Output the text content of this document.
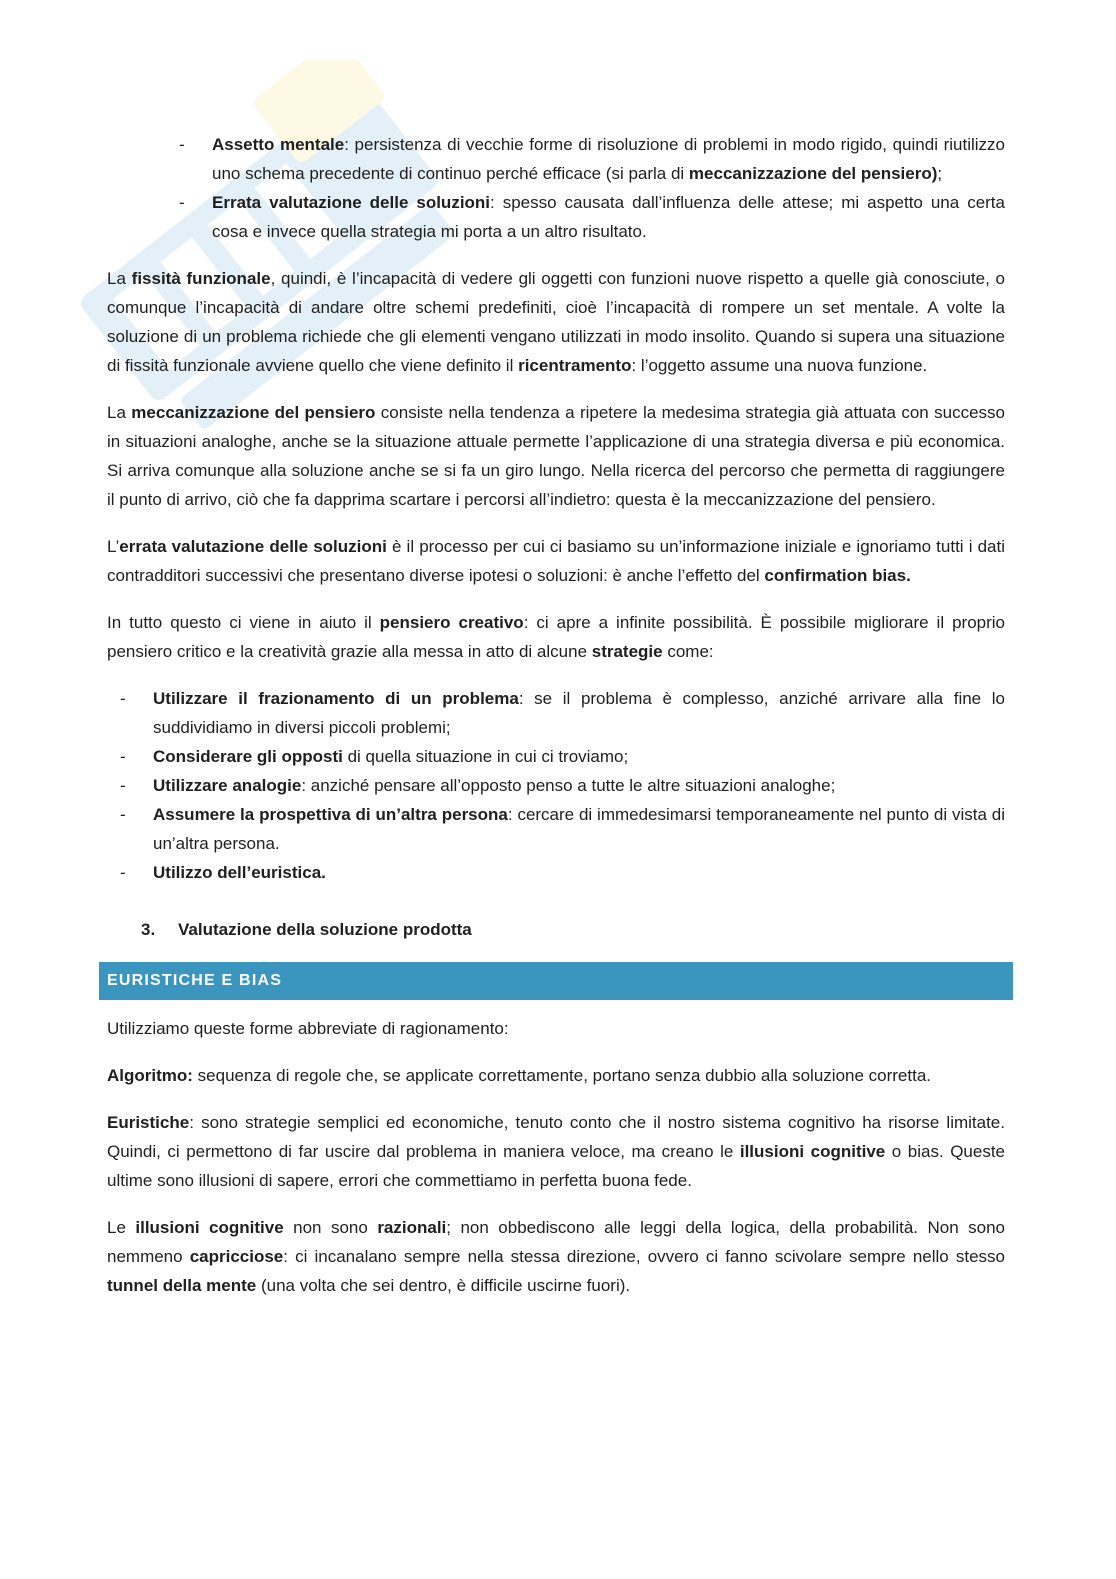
- Assetto mentale: persistenza di vecchie forme di risoluzione di problemi in modo rigido, quindi riutilizzo uno schema precedente di continuo perché efficace (si parla di meccanizzazione del pensiero);
- Errata valutazione delle soluzioni: spesso causata dall’influenza delle attese; mi aspetto una certa cosa e invece quella strategia mi porta a un altro risultato.

La fissità funzionale, quindi, è l’incapacità di vedere gli oggetti con funzioni nuove rispetto a quelle già conosciute, o comunque l’incapacità di andare oltre schemi predefiniti, cioè l’incapacità di rompere un set mentale. A volte la soluzione di un problema richiede che gli elementi vengano utilizzati in modo insolito. Quando si supera una situazione di fissità funzionale avviene quello che viene definito il ricentramento: l’oggetto assume una nuova funzione.

La meccanizzazione del pensiero consiste nella tendenza a ripetere la medesima strategia già attuata con successo in situazioni analoghe, anche se la situazione attuale permette l’applicazione di una strategia diversa e più economica. Si arriva comunque alla soluzione anche se si fa un giro lungo. Nella ricerca del percorso che permetta di raggiungere il punto di arrivo, ciò che fa dapprima scartare i percorsi all’indietro: questa è la meccanizzazione del pensiero.

L’errata valutazione delle soluzioni è il processo per cui ci basiamo su un’informazione iniziale e ignoriamo tutti i dati contradditori successivi che presentano diverse ipotesi o soluzioni: è anche l’effetto del confirmation bias.

In tutto questo ci viene in aiuto il pensiero creativo: ci apre a infinite possibilità. È possibile migliorare il proprio pensiero critico e la creatività grazie alla messa in atto di alcune strategie come:

- Utilizzare il frazionamento di un problema: se il problema è complesso, anziché arrivare alla fine lo suddividiamo in diversi piccoli problemi;
- Considerare gli opposti di quella situazione in cui ci troviamo;
- Utilizzare analogie: anziché pensare all’opposto penso a tutte le altre situazioni analoghe;
- Assumere la prospettiva di un’altra persona: cercare di immedesimarsi temporaneamente nel punto di vista di un’altra persona.
- Utilizzo dell’euristica.
3. Valutazione della soluzione prodotta
EURISTICHE E BIAS

Utilizziamo queste forme abbreviate di ragionamento:

Algoritmo: sequenza di regole che, se applicate correttamente, portano senza dubbio alla soluzione corretta.

Euristiche: sono strategie semplici ed economiche, tenuto conto che il nostro sistema cognitivo ha risorse limitate. Quindi, ci permettono di far uscire dal problema in maniera veloce, ma creano le illusioni cognitive o bias. Queste ultime sono illusioni di sapere, errori che commettiamo in perfetta buona fede.

Le illusioni cognitive non sono razionali; non obbediscono alle leggi della logica, della probabilità. Non sono nemmeno capricciose: ci incanalano sempre nella stessa direzione, ovvero ci fanno scivolare sempre nello stesso tunnel della mente (una volta che sei dentro, è difficile uscirne fuori).
